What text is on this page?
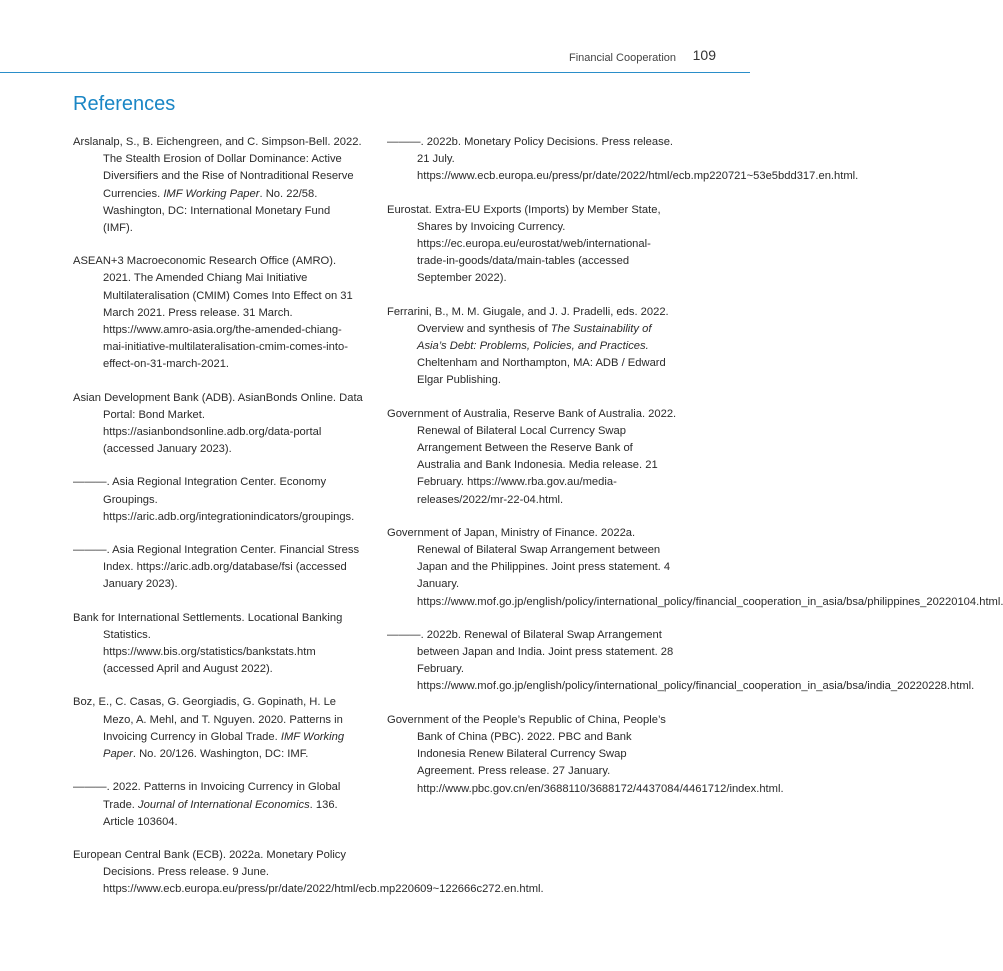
Financial Cooperation 109
References

Arslanalp, S., B. Eichengreen, and C. Simpson-Bell. 2022. The Stealth Erosion of Dollar Dominance: Active Diversifiers and the Rise of Nontraditional Reserve Currencies. IMF Working Paper. No. 22/58. Washington, DC: International Monetary Fund (IMF).

ASEAN+3 Macroeconomic Research Office (AMRO). 2021. The Amended Chiang Mai Initiative Multilateralisation (CMIM) Comes Into Effect on 31 March 2021. Press release. 31 March. https://www.amro-asia.org/the-amended-chiang-mai-initiative-multilateralisation-cmim-comes-into-effect-on-31-march-2021.

Asian Development Bank (ADB). AsianBonds Online. Data Portal: Bond Market. https://asianbondsonline.adb.org/data-portal (accessed January 2023).

———. Asia Regional Integration Center. Economy Groupings. https://aric.adb.org/integrationindicators/groupings.

———. Asia Regional Integration Center. Financial Stress Index. https://aric.adb.org/database/fsi (accessed January 2023).

Bank for International Settlements. Locational Banking Statistics. https://www.bis.org/statistics/bankstats.htm (accessed April and August 2022).

Boz, E., C. Casas, G. Georgiadis, G. Gopinath, H. Le Mezo, A. Mehl, and T. Nguyen. 2020. Patterns in Invoicing Currency in Global Trade. IMF Working Paper. No. 20/126. Washington, DC: IMF.

———. 2022. Patterns in Invoicing Currency in Global Trade. Journal of International Economics. 136. Article 103604.

European Central Bank (ECB). 2022a. Monetary Policy Decisions. Press release. 9 June. https://www.ecb.europa.eu/press/pr/date/2022/html/ecb.mp220609~122666c272.en.html.

———. 2022b. Monetary Policy Decisions. Press release. 21 July. https://www.ecb.europa.eu/press/pr/date/2022/html/ecb.mp220721~53e5bdd317.en.html.

Eurostat. Extra-EU Exports (Imports) by Member State, Shares by Invoicing Currency. https://ec.europa.eu/eurostat/web/international-trade-in-goods/data/main-tables (accessed September 2022).

Ferrarini, B., M. M. Giugale, and J. J. Pradelli, eds. 2022. Overview and synthesis of The Sustainability of Asia’s Debt: Problems, Policies, and Practices. Cheltenham and Northampton, MA: ADB / Edward Elgar Publishing.

Government of Australia, Reserve Bank of Australia. 2022. Renewal of Bilateral Local Currency Swap Arrangement Between the Reserve Bank of Australia and Bank Indonesia. Media release. 21 February. https://www.rba.gov.au/media-releases/2022/mr-22-04.html.

Government of Japan, Ministry of Finance. 2022a. Renewal of Bilateral Swap Arrangement between Japan and the Philippines. Joint press statement. 4 January. https://www.mof.go.jp/english/policy/international_policy/financial_cooperation_in_asia/bsa/philippines_20220104.html.

———. 2022b. Renewal of Bilateral Swap Arrangement between Japan and India. Joint press statement. 28 February. https://www.mof.go.jp/english/policy/international_policy/financial_cooperation_in_asia/bsa/india_20220228.html.

Government of the People’s Republic of China, People’s Bank of China (PBC). 2022. PBC and Bank Indonesia Renew Bilateral Currency Swap Agreement. Press release. 27 January. http://www.pbc.gov.cn/en/3688110/3688172/4437084/4461712/index.html.
